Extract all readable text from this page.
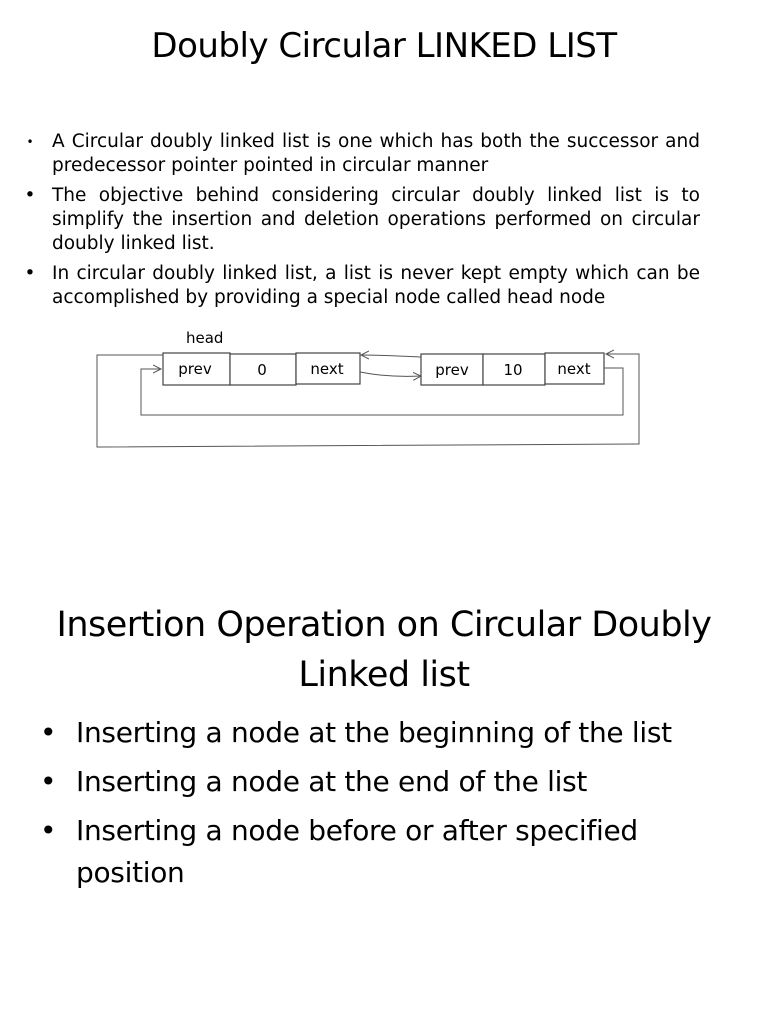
Doubly Circular LINKED LIST
• A Circular doubly linked list is one which has both the successor and predecessor pointer pointed in circular manner
• The objective behind considering circular doubly linked list is to simplify the insertion and deletion operations performed on circular doubly linked list.
• In circular doubly linked list, a list is never kept empty which can be accomplished by providing a special node called head node
head
prev	0	next	prev 10 next
Insertion Operation on Circular Doubly Linked list
• Inserting a node at the beginning of the list
• Inserting a node at the end of the list
• Inserting a node before or after specified position
